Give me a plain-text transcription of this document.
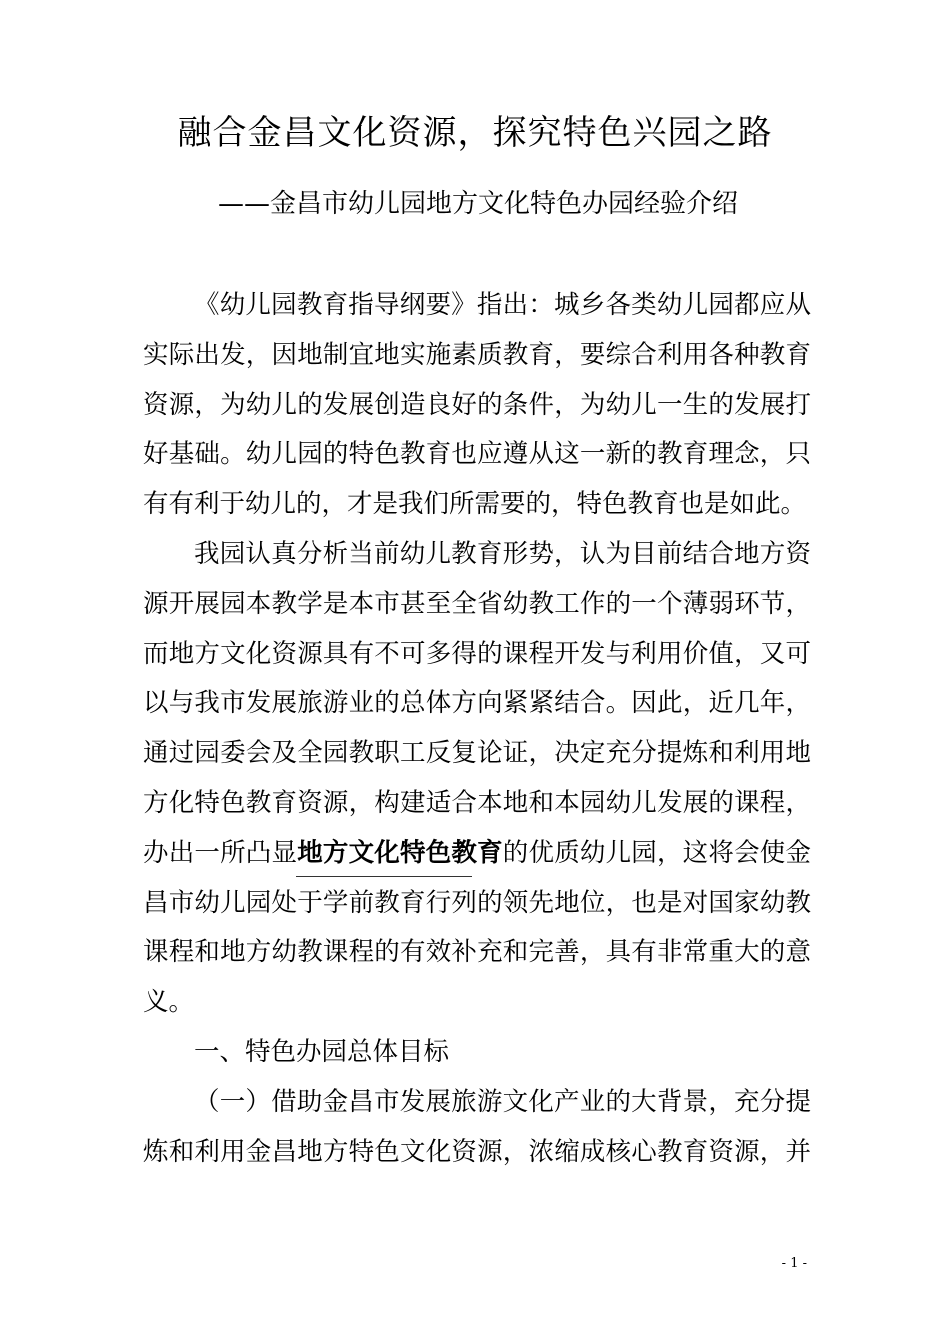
融合金昌文化资源，探究特色兴园之路
——金昌市幼儿园地方文化特色办园经验介绍
《幼儿园教育指导纲要》指出：城乡各类幼儿园都应从
实际出发，因地制宜地实施素质教育，要综合利用各种教育
资源，为幼儿的发展创造良好的条件，为幼儿一生的发展打
好基础。幼儿园的特色教育也应遵从这一新的教育理念，只
有有利于幼儿的，才是我们所需要的，特色教育也是如此。
我园认真分析当前幼儿教育形势，认为目前结合地方资
源开展园本教学是本市甚至全省幼教工作的一个薄弱环节，
而地方文化资源具有不可多得的课程开发与利用价值，又可
以与我市发展旅游业的总体方向紧紧结合。因此，近几年，
通过园委会及全园教职工反复论证，决定充分提炼和利用地
方化特色教育资源，构建适合本地和本园幼儿发展的课程，
办出一所凸显地方文化特色教育的优质幼儿园，这将会使金
昌市幼儿园处于学前教育行列的领先地位，也是对国家幼教
课程和地方幼教课程的有效补充和完善，具有非常重大的意
义。
一、特色办园总体目标
（一）借助金昌市发展旅游文化产业的大背景，充分提
炼和利用金昌地方特色文化资源，浓缩成核心教育资源，并
- 1 -
